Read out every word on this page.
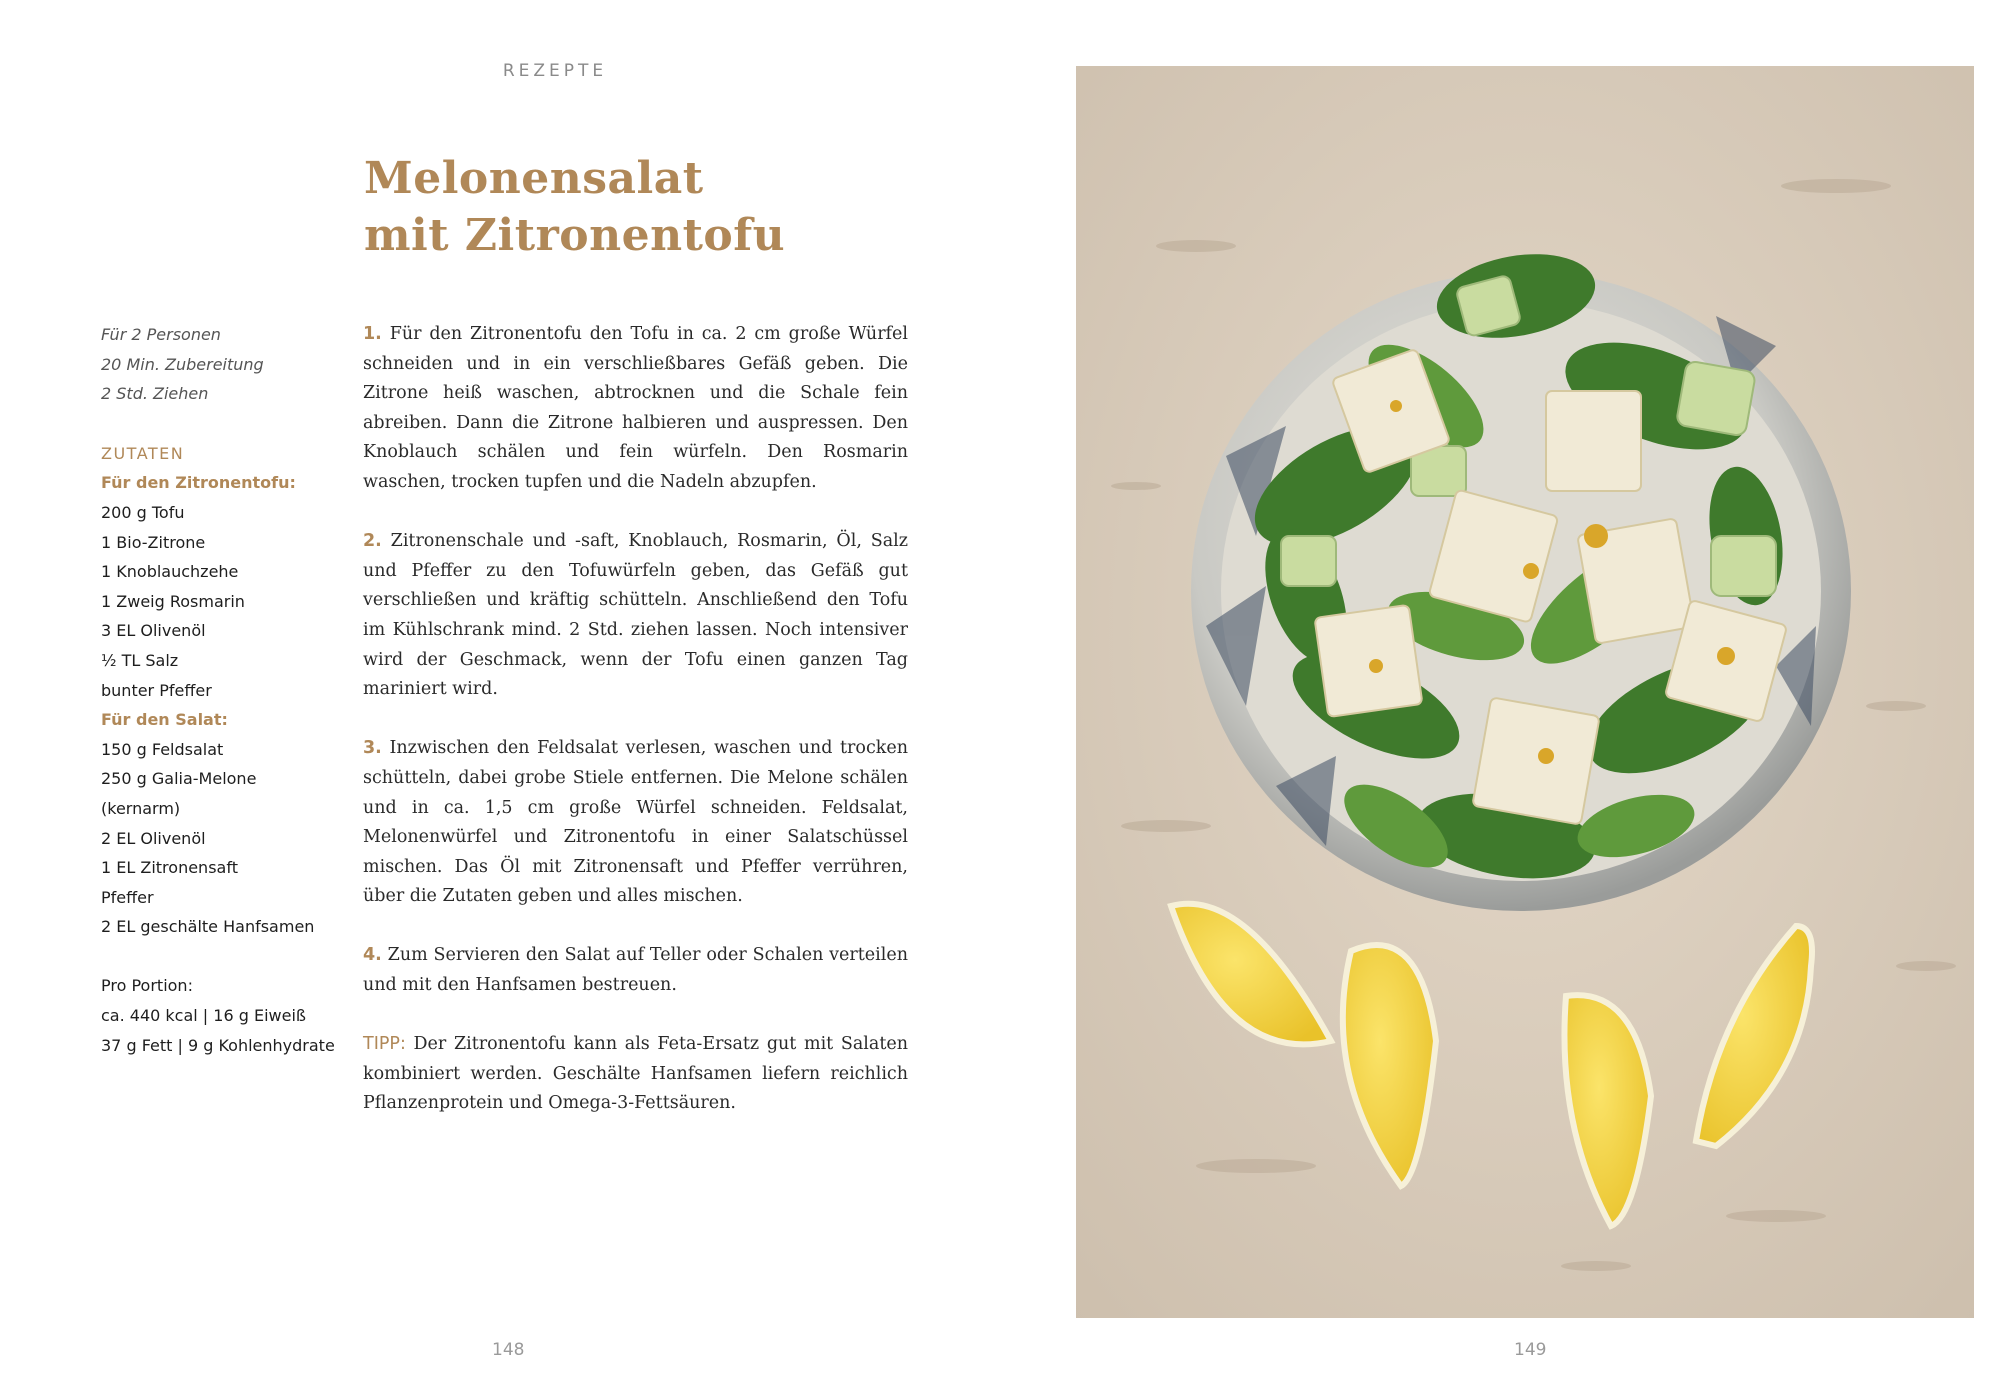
REZEPTE
Melonensalat
mit Zitronentofu
Für 2 Personen
20 Min. Zubereitung
2 Std. Ziehen
ZUTATEN
Für den Zitronentofu:
200 g Tofu
1 Bio-Zitrone
1 Knoblauchzehe
1 Zweig Rosmarin
3 EL Olivenöl
½ TL Salz
bunter Pfeffer
Für den Salat:
150 g Feldsalat
250 g Galia-Melone
(kernarm)
2 EL Olivenöl
1 EL Zitronensaft
Pfeffer
2 EL geschälte Hanfsamen
Pro Portion:
ca. 440 kcal | 16 g Eiweiß
37 g Fett | 9 g Kohlenhydrate
1. Für den Zitronentofu den Tofu in ca. 2 cm große Würfel schneiden und in ein verschließbares Gefäß geben. Die Zitrone heiß waschen, abtrocknen und die Schale fein abreiben. Dann die Zitrone halbieren und auspressen. Den Knoblauch schälen und fein würfeln. Den Rosmarin waschen, trocken tupfen und die Nadeln abzupfen.
2. Zitronenschale und -saft, Knoblauch, Rosmarin, Öl, Salz und Pfeffer zu den Tofuwürfeln geben, das Gefäß gut verschließen und kräftig schütteln. Anschließend den Tofu im Kühlschrank mind. 2 Std. ziehen lassen. Noch intensiver wird der Geschmack, wenn der Tofu einen ganzen Tag mariniert wird.
3. Inzwischen den Feldsalat verlesen, waschen und trocken schütteln, dabei grobe Stiele entfernen. Die Melone schälen und in ca. 1,5 cm große Würfel schneiden. Feldsalat, Melonenwürfel und Zitronentofu in einer Salatschüssel mischen. Das Öl mit Zitronensaft und Pfeffer verrühren, über die Zutaten geben und alles mischen.
4. Zum Servieren den Salat auf Teller oder Schalen verteilen und mit den Hanfsamen bestreuen.
TIPP: Der Zitronentofu kann als Feta-Ersatz gut mit Salaten kombiniert werden. Geschälte Hanfsamen liefern reichlich Pflanzenprotein und Omega-3-Fettsäuren.
148	149
